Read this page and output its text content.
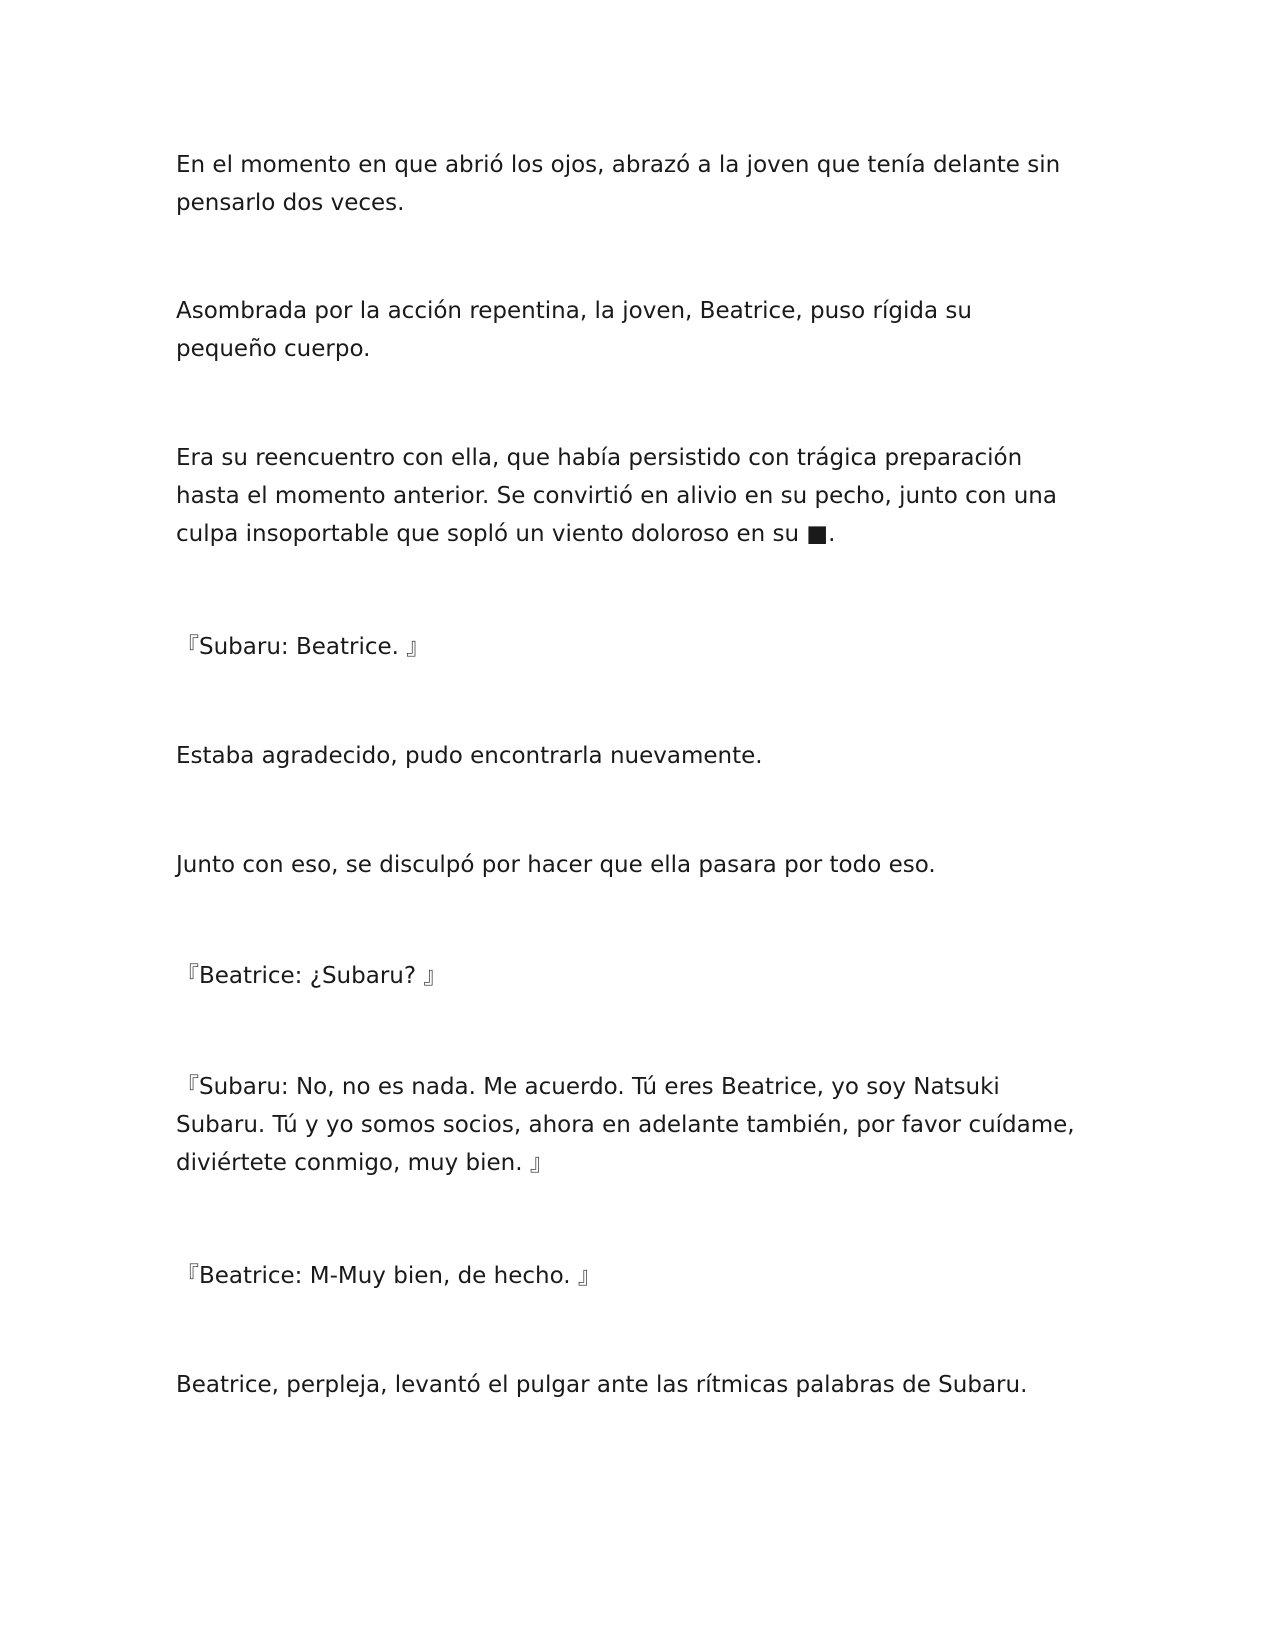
En el momento en que abrió los ojos, abrazó a la joven que tenía delante sin
pensarlo dos veces.

Asombrada por la acción repentina, la joven, Beatrice, puso rígida su
pequeño cuerpo.

Era su reencuentro con ella, que había persistido con trágica preparación
hasta el momento anterior. Se convirtió en alivio en su pecho, junto con una
culpa insoportable que sopló un viento doloroso en su ■.

『Subaru: Beatrice. 』

Estaba agradecido, pudo encontrarla nuevamente.

Junto con eso, se disculpó por hacer que ella pasara por todo eso.

『Beatrice: ¿Subaru? 』

『Subaru: No, no es nada. Me acuerdo. Tú eres Beatrice, yo soy Natsuki
Subaru. Tú y yo somos socios, ahora en adelante también, por favor cuídame,
diviértete conmigo, muy bien. 』

『Beatrice: M-Muy bien, de hecho. 』

Beatrice, perpleja, levantó el pulgar ante las rítmicas palabras de Subaru.
